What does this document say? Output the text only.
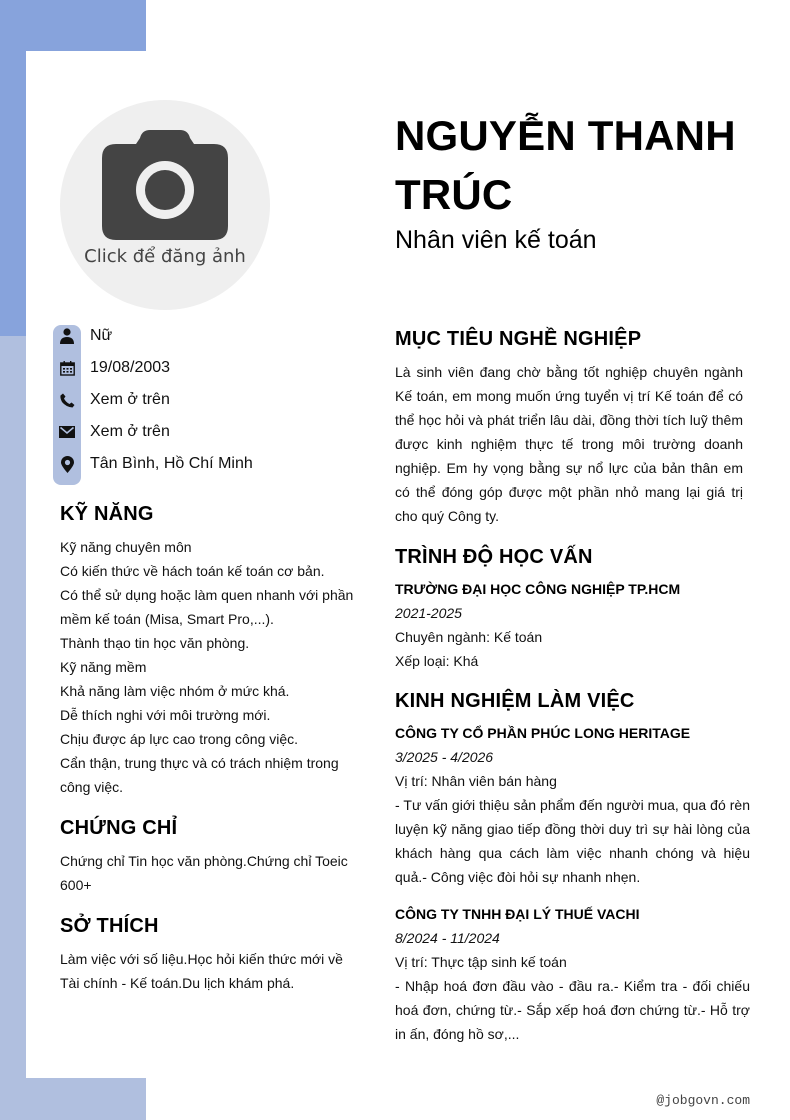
Click để đăng ảnh
NGUYỄN THANH TRÚC
Nhân viên kế toán
Nữ
19/08/2003
Xem ở trên
Xem ở trên
Tân Bình, Hồ Chí Minh
KỸ NĂNG
Kỹ năng chuyên môn
Có kiến thức về hách toán kế toán cơ bản.
Có thể sử dụng hoặc làm quen nhanh với phần mềm kế toán (Misa, Smart Pro,...).
Thành thạo tin học văn phòng.
Kỹ năng mềm
Khả năng làm việc nhóm ở mức khá.
Dễ thích nghi với môi trường mới.
Chịu được áp lực cao trong công việc.
Cẩn thận, trung thực và có trách nhiệm trong công việc.
CHỨNG CHỈ
Chứng chỉ Tin học văn phòng.Chứng chỉ Toeic 600+
SỞ THÍCH
Làm việc với số liệu.Học hỏi kiến thức mới về Tài chính - Kế toán.Du lịch khám phá.
MỤC TIÊU NGHỀ NGHIỆP
Là sinh viên đang chờ bằng tốt nghiệp chuyên ngành Kế toán, em mong muốn ứng tuyển vị trí Kế toán để có thể học hỏi và phát triển lâu dài, đồng thời tích luỹ thêm được kinh nghiệm thực tế trong môi trường doanh nghiệp. Em hy vọng bằng sự nổ lực của bản thân em có thể đóng góp được một phần nhỏ mang lại giá trị cho quý Công ty.
TRÌNH ĐỘ HỌC VẤN
TRƯỜNG ĐẠI HỌC CÔNG NGHIỆP TP.HCM
2021-2025
Chuyên ngành: Kế toán
Xếp loại: Khá
KINH NGHIỆM LÀM VIỆC
CÔNG TY CỔ PHẦN PHÚC LONG HERITAGE
3/2025 - 4/2026
Vị trí: Nhân viên bán hàng
- Tư vấn giới thiệu sản phẩm đến người mua, qua đó rèn luyện kỹ năng giao tiếp đồng thời duy trì sự hài lòng của khách hàng qua cách làm việc nhanh chóng và hiệu quả.- Công việc đòi hỏi sự nhanh nhẹn.
CÔNG TY TNHH ĐẠI LÝ THUẾ VACHI
8/2024 - 11/2024
Vị trí: Thực tập sinh kế toán
- Nhập hoá đơn đầu vào - đầu ra.- Kiểm tra - đối chiếu hoá đơn, chứng từ.- Sắp xếp hoá đơn chứng từ.- Hỗ trợ in ấn, đóng hồ sơ,...
@jobgovn.com
